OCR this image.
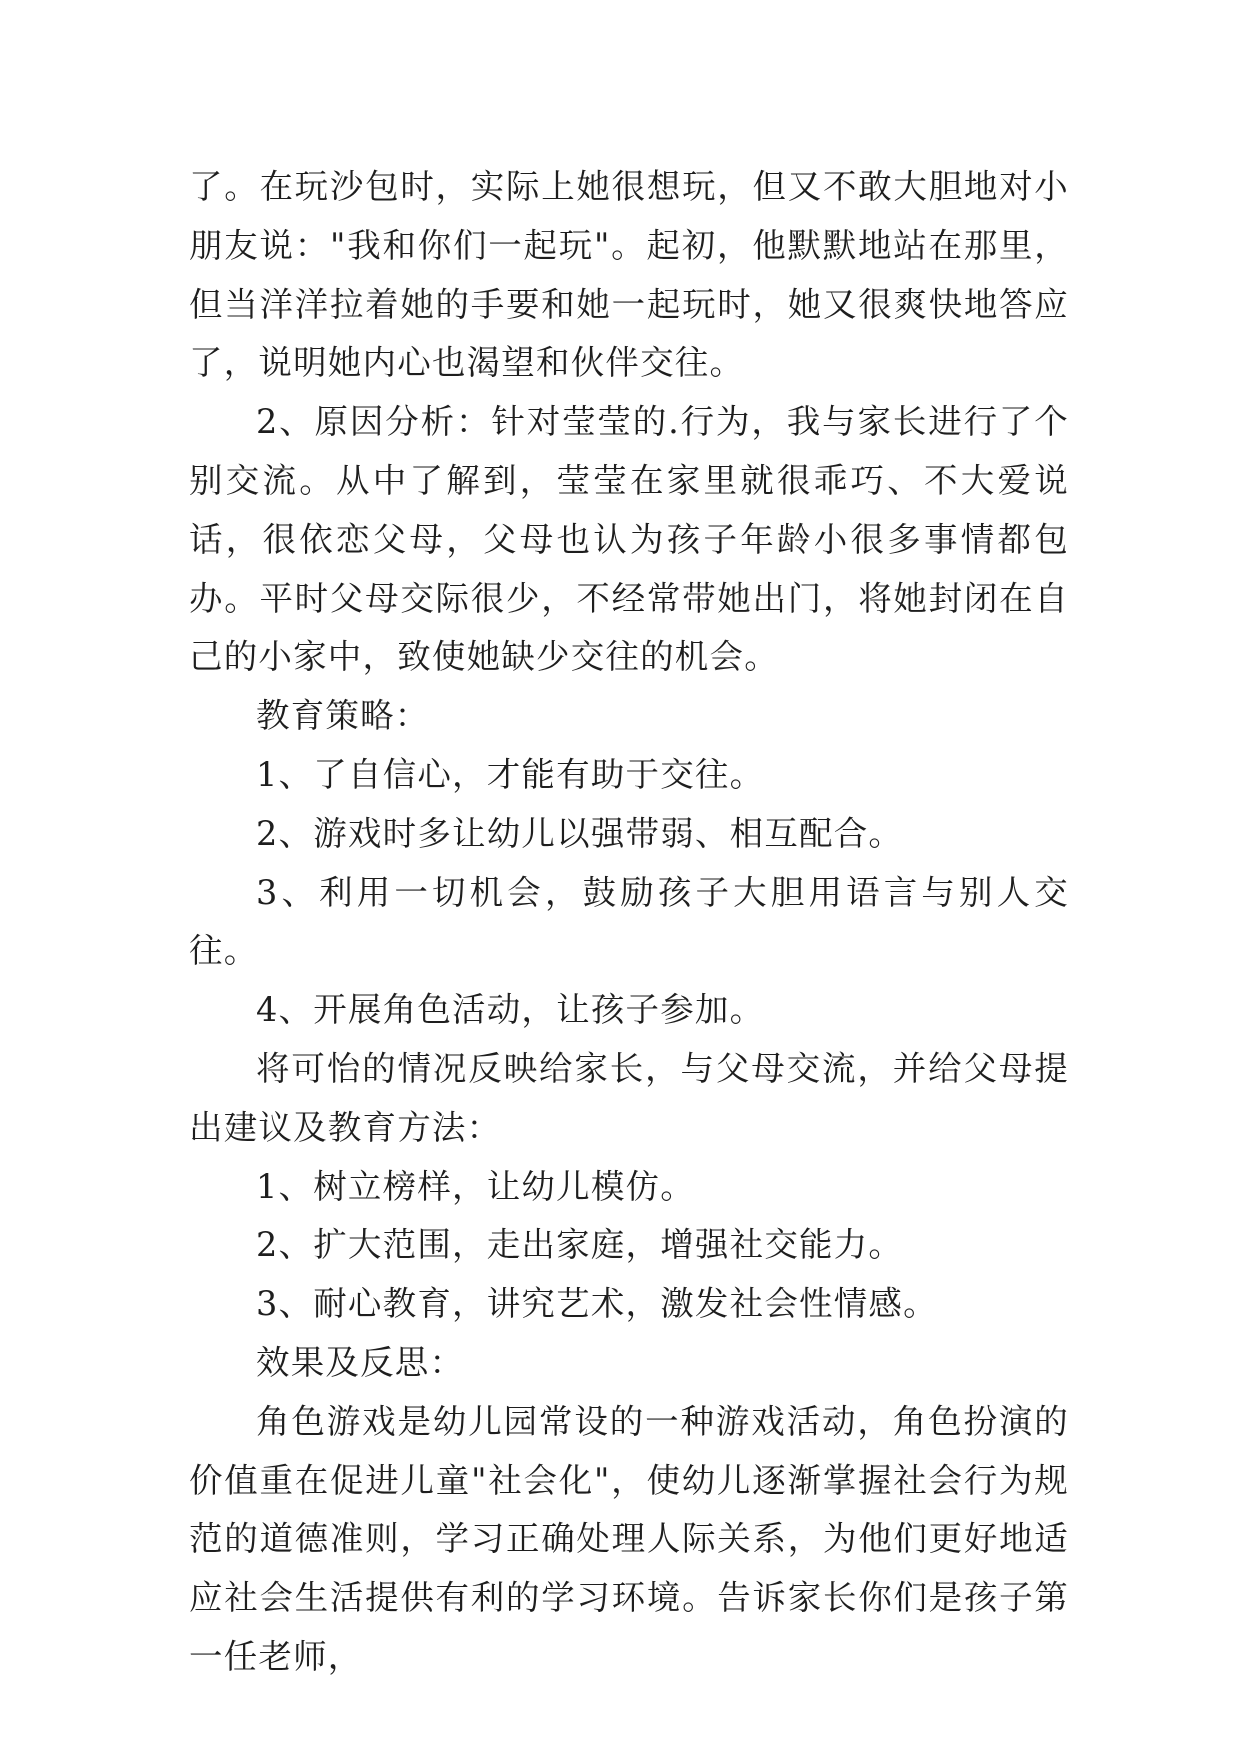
了。在玩沙包时，实际上她很想玩，但又不敢大胆地对小朋友说："我和你们一起玩"。起初，他默默地站在那里，但当洋洋拉着她的手要和她一起玩时，她又很爽快地答应了，说明她内心也渴望和伙伴交往。

2、原因分析：针对莹莹的.行为，我与家长进行了个别交流。从中了解到，莹莹在家里就很乖巧、不大爱说话，很依恋父母，父母也认为孩子年龄小很多事情都包办。平时父母交际很少，不经常带她出门，将她封闭在自己的小家中，致使她缺少交往的机会。

教育策略：

1、了自信心，才能有助于交往。

2、游戏时多让幼儿以强带弱、相互配合。

3、利用一切机会，鼓励孩子大胆用语言与别人交往。

4、开展角色活动，让孩子参加。

将可怡的情况反映给家长，与父母交流，并给父母提出建议及教育方法：

1、树立榜样，让幼儿模仿。

2、扩大范围，走出家庭，增强社交能力。

3、耐心教育，讲究艺术，激发社会性情感。

效果及反思：

角色游戏是幼儿园常设的一种游戏活动，角色扮演的价值重在促进儿童"社会化"，使幼儿逐渐掌握社会行为规范的道德准则，学习正确处理人际关系，为他们更好地适应社会生活提供有利的学习环境。告诉家长你们是孩子第一任老师，
